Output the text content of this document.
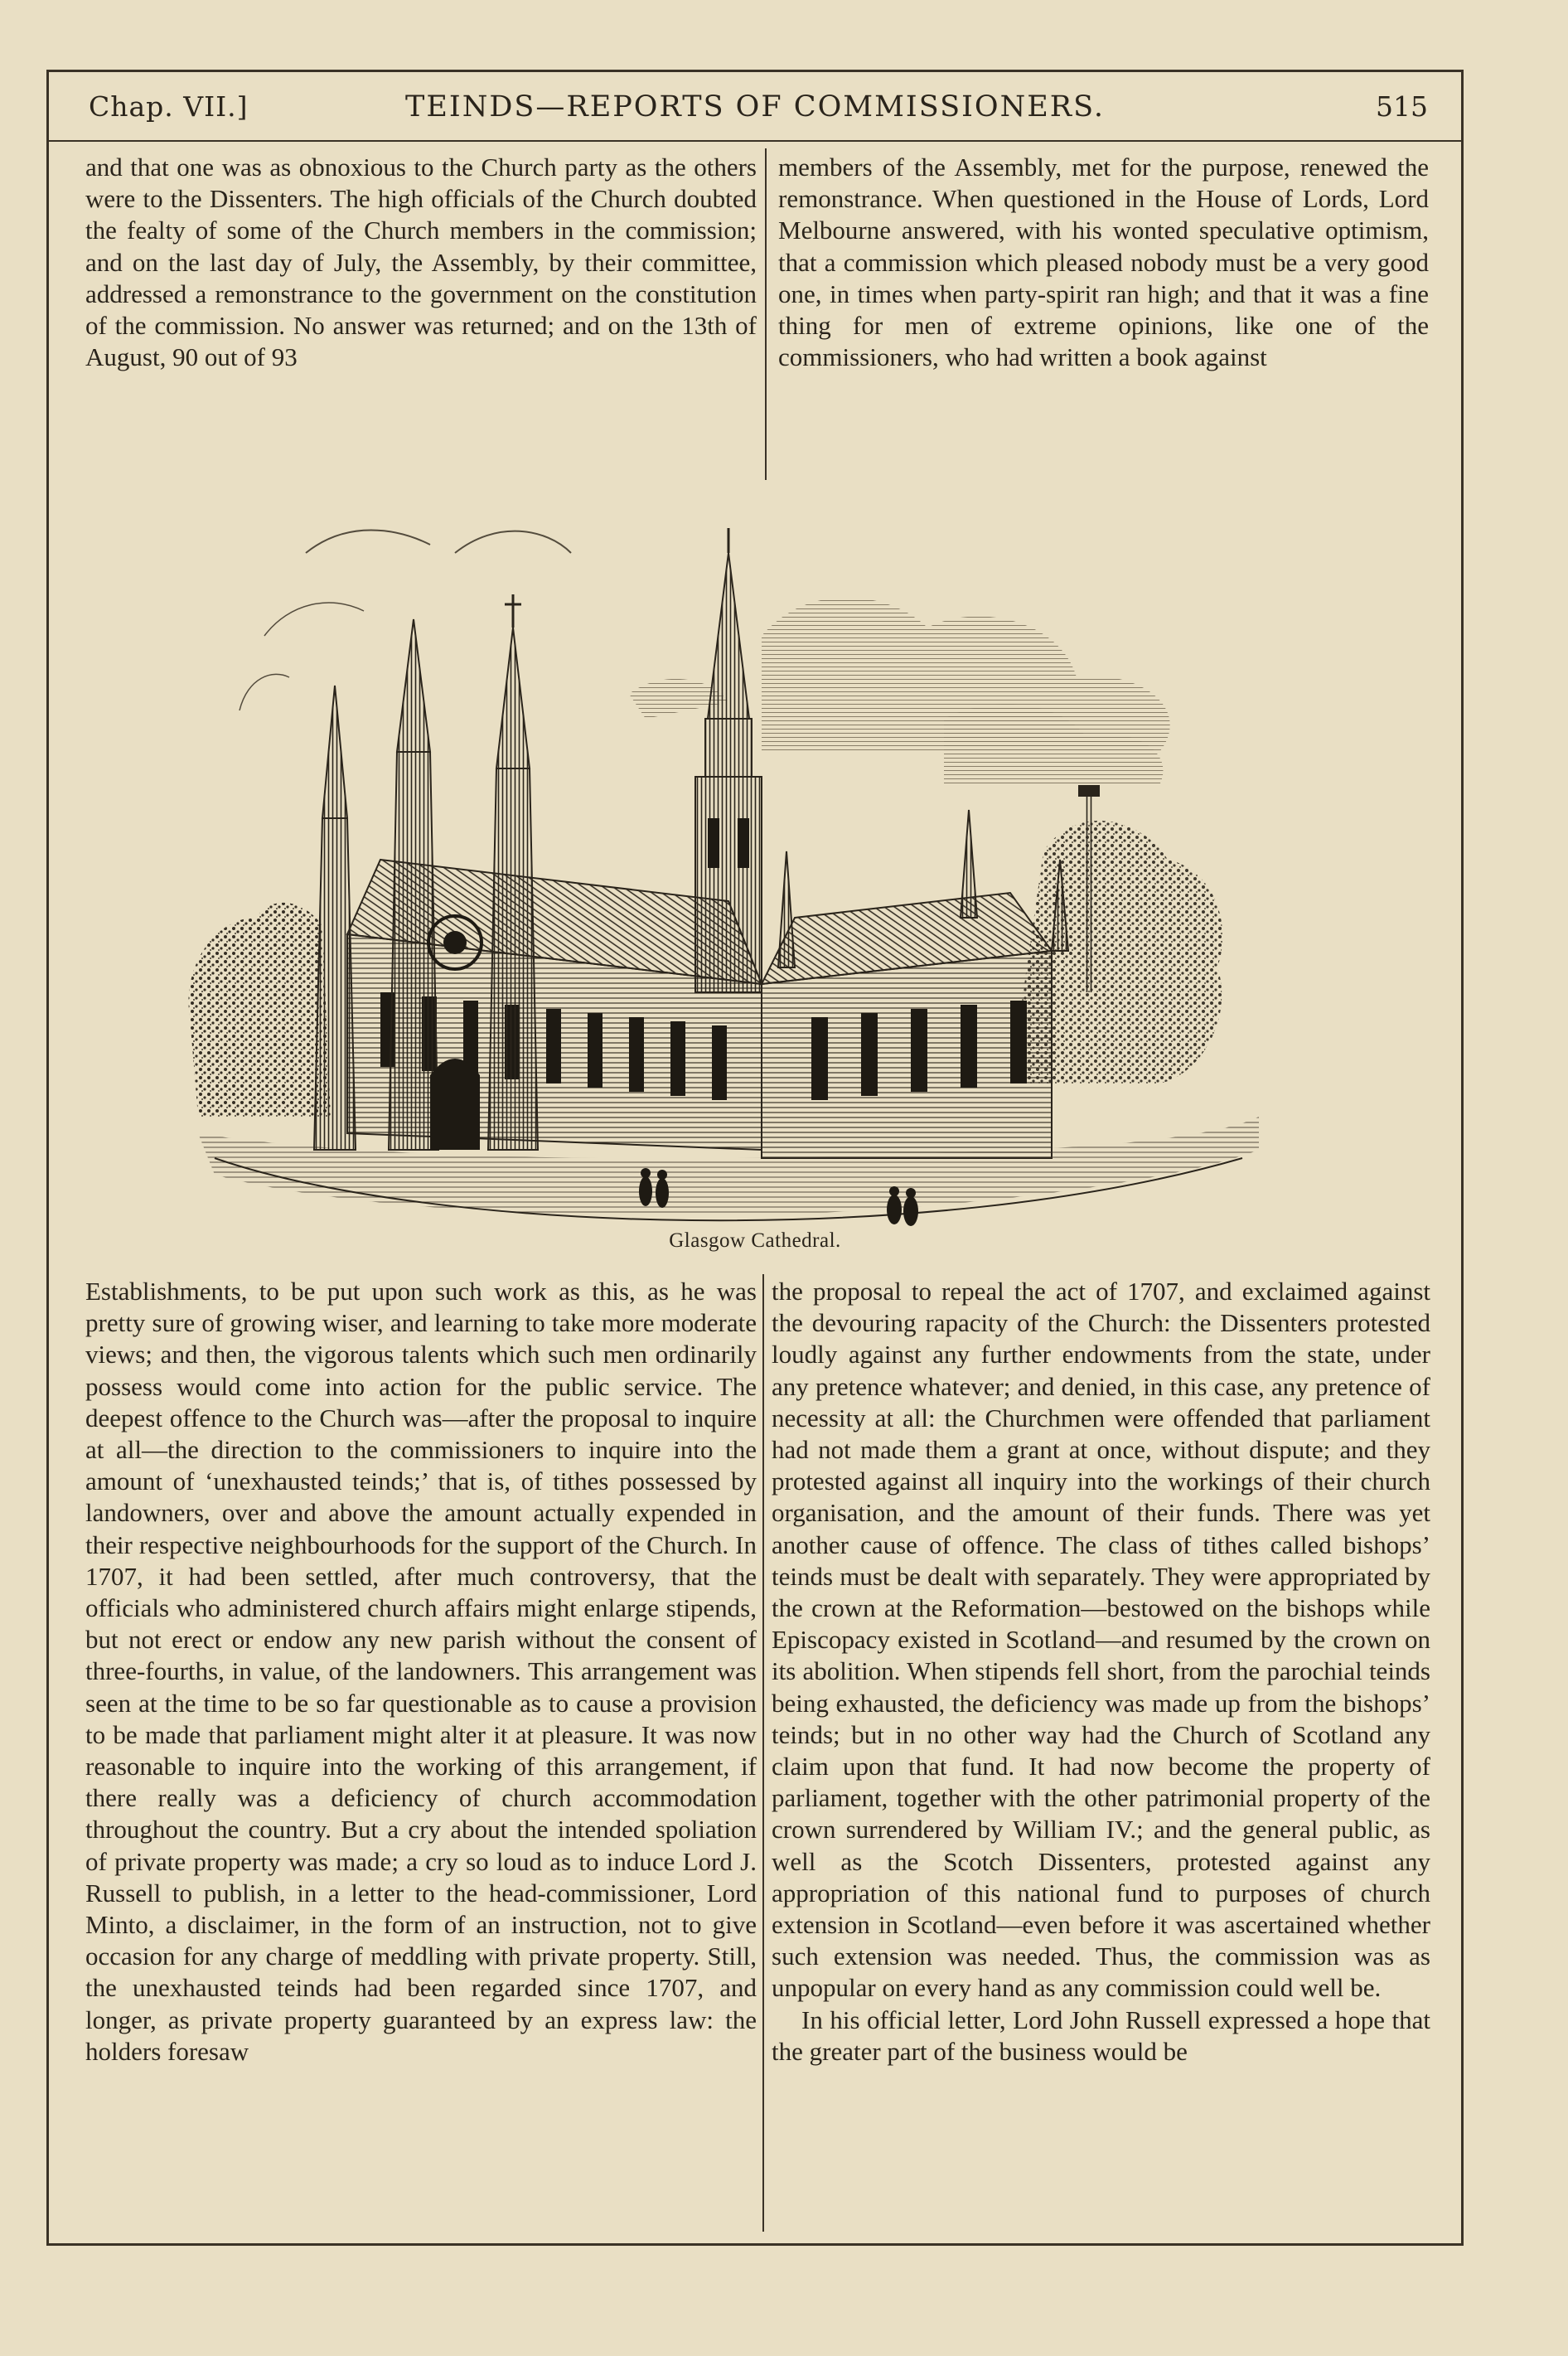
Chap. VII.]	TEINDS—REPORTS OF COMMISSIONERS.	515

and that one was as obnoxious to the Church party as the others were to the Dissenters. The high officials of the Church doubted the fealty of some of the Church members in the commission; and on the last day of July, the Assembly, by their committee, addressed a remonstrance to the government on the constitution of the commission. No answer was returned; and on the 13th of August, 90 out of 93

members of the Assembly, met for the purpose, renewed the remonstrance. When questioned in the House of Lords, Lord Melbourne answered, with his wonted speculative optimism, that a commission which pleased nobody must be a very good one, in times when party-spirit ran high; and that it was a fine thing for men of extreme opinions, like one of the commissioners, who had written a book against

Glasgow Cathedral.

Establishments, to be put upon such work as this, as he was pretty sure of growing wiser, and learning to take more moderate views; and then, the vigorous talents which such men ordinarily possess would come into action for the public service. The deepest offence to the Church was—after the proposal to inquire at all—the direction to the commissioners to inquire into the amount of ‘unexhausted teinds;’ that is, of tithes possessed by landowners, over and above the amount actually expended in their respective neighbourhoods for the support of the Church. In 1707, it had been settled, after much controversy, that the officials who administered church affairs might enlarge stipends, but not erect or endow any new parish without the consent of three-fourths, in value, of the landowners. This arrangement was seen at the time to be so far questionable as to cause a provision to be made that parliament might alter it at pleasure. It was now reasonable to inquire into the working of this arrangement, if there really was a deficiency of church accommodation throughout the country. But a cry about the intended spoliation of private property was made; a cry so loud as to induce Lord J. Russell to publish, in a letter to the head-commissioner, Lord Minto, a disclaimer, in the form of an instruction, not to give occasion for any charge of meddling with private property. Still, the unexhausted teinds had been regarded since 1707, and longer, as private property guaranteed by an express law: the holders foresaw

the proposal to repeal the act of 1707, and exclaimed against the devouring rapacity of the Church: the Dissenters protested loudly against any further endowments from the state, under any pretence whatever; and denied, in this case, any pretence of necessity at all: the Churchmen were offended that parliament had not made them a grant at once, without dispute; and they protested against all inquiry into the workings of their church organisation, and the amount of their funds. There was yet another cause of offence. The class of tithes called bishops’ teinds must be dealt with separately. They were appropriated by the crown at the Reformation—bestowed on the bishops while Episcopacy existed in Scotland—and resumed by the crown on its abolition. When stipends fell short, from the parochial teinds being exhausted, the deficiency was made up from the bishops’ teinds; but in no other way had the Church of Scotland any claim upon that fund. It had now become the property of parliament, together with the other patrimonial property of the crown surrendered by William IV.; and the general public, as well as the Scotch Dissenters, protested against any appropriation of this national fund to purposes of church extension in Scotland—even before it was ascertained whether such extension was needed. Thus, the commission was as unpopular on every hand as any commission could well be.

In his official letter, Lord John Russell expressed a hope that the greater part of the business would be
